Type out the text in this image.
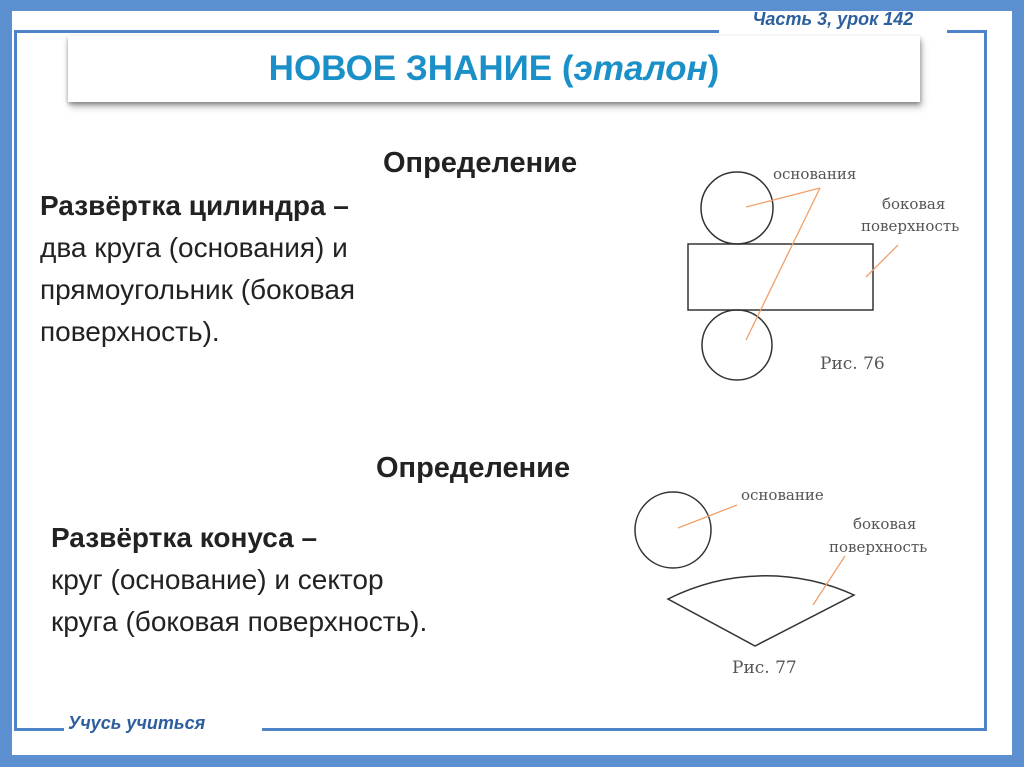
Часть 3, урок 142
НОВОЕ ЗНАНИЕ (эталон)
Определение
Развёртка цилиндра –
два круга (основания) и
прямоугольник (боковая
поверхность).
Определение
Развёртка конуса –
круг (основание) и сектор
круга (боковая поверхность).
основания
боковая
поверхность
Рис. 76
основание
боковая
поверхность
Рис. 77
Учусь учиться
